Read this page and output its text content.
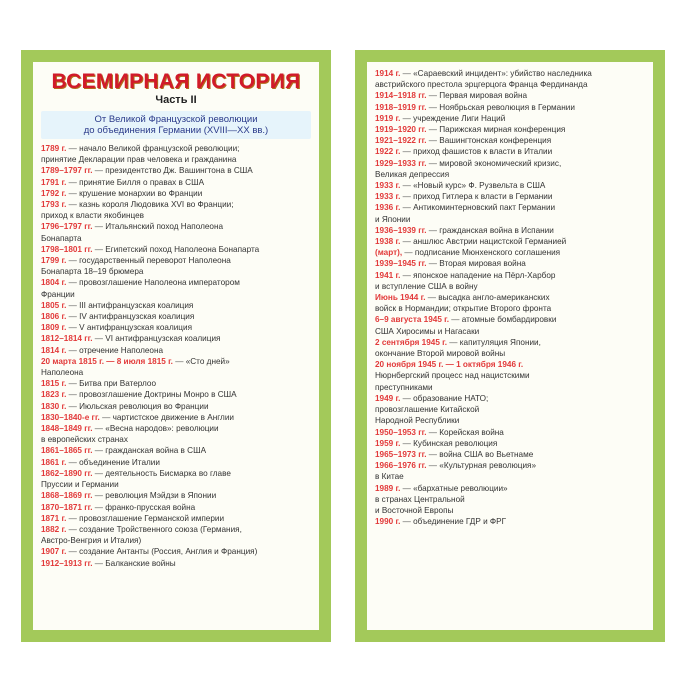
ВСЕМИРНАЯ ИСТОРИЯ
Часть II
От Великой Французской революции
до объединения Германии (XVIII—XX вв.)
1789 г. — начало Великой французской революции;
принятие Декларации прав человека и гражданина
1789–1797 гг. — президентство Дж. Вашингтона в США
1791 г. — принятие Билля о правах в США
1792 г. — крушение монархии во Франции
1793 г. — казнь короля Людовика XVI во Франции;
приход к власти якобинцев
1796–1797 гг. — Итальянский поход Наполеона
Бонапарта
1798–1801 гг. — Египетский поход Наполеона Бонапарта
1799 г. — государственный переворот Наполеона
Бонапарта 18–19 брюмера
1804 г. — провозглашение Наполеона императором
Франции
1805 г. — III антифранцузская коалиция
1806 г. — IV антифранцузская коалиция
1809 г. — V антифранцузская коалиция
1812–1814 гг. — VI антифранцузская коалиция
1814 г. — отречение Наполеона
20 марта 1815 г. — 8 июля 1815 г. — «Сто дней»
Наполеона
1815 г. — Битва при Ватерлоо
1823 г. — провозглашение Доктрины Монро в США
1830 г. — Июльская революция во Франции
1830–1840-е гг. — чартистское движение в Англии
1848–1849 гг. — «Весна народов»: революции
в европейских странах
1861–1865 гг. — гражданская война в США
1861 г. — объединение Италии
1862–1890 гг. — деятельность Бисмарка во главе
Пруссии и Германии
1868–1869 гг. — революция Мэйдзи в Японии
1870–1871 гг. — франко-прусская война
1871 г. — провозглашение Германской империи
1882 г. — создание Тройственного союза (Германия,
Австро-Венгрия и Италия)
1907 г. — создание Антанты (Россия, Англия и Франция)
1912–1913 гг. — Балканские войны
1914 г. — «Сараевский инцидент»: убийство наследника
австрийского престола эрцгерцога Франца Фердинанда
1914–1918 гг. — Первая мировая война
1918–1919 гг. — Ноябрьская революция в Германии
1919 г. — учреждение Лиги Наций
1919–1920 гг. — Парижская мирная конференция
1921–1922 гг. — Вашингтонская конференция
1922 г. — приход фашистов к власти в Италии
1929–1933 гг. — мировой экономический кризис,
Великая депрессия
1933 г. — «Новый курс» Ф. Рузвельта в США
1933 г. — приход Гитлера к власти в Германии
1936 г. — Антикоминтерновский пакт Германии
и Японии
1936–1939 гг. — гражданская война в Испании
1938 г. — аншлюс Австрии нацистской Германией
(март), — подписание Мюнхенского соглашения
1939–1945 гг. — Вторая мировая война
1941 г. — японское нападение на Пёрл-Харбор
и вступление США в войну
Июнь 1944 г. — высадка англо-американских
войск в Нормандии; открытие Второго фронта
6–9 августа 1945 г. — атомные бомбардировки
США Хиросимы и Нагасаки
2 сентября 1945 г. — капитуляция Японии,
окончание Второй мировой войны
20 ноября 1945 г. — 1 октября 1946 г.
Нюрнбергский процесс над нацистскими
преступниками
1949 г. — образование НАТО;
провозглашение Китайской
Народной Республики
1950–1953 гг. — Корейская война
1959 г. — Кубинская революция
1965–1973 гг. — война США во Вьетнаме
1966–1976 гг. — «Культурная революция»
в Китае
1989 г. — «бархатные революции»
в странах Центральной
и Восточной Европы
1990 г. — объединение ГДР и ФРГ
